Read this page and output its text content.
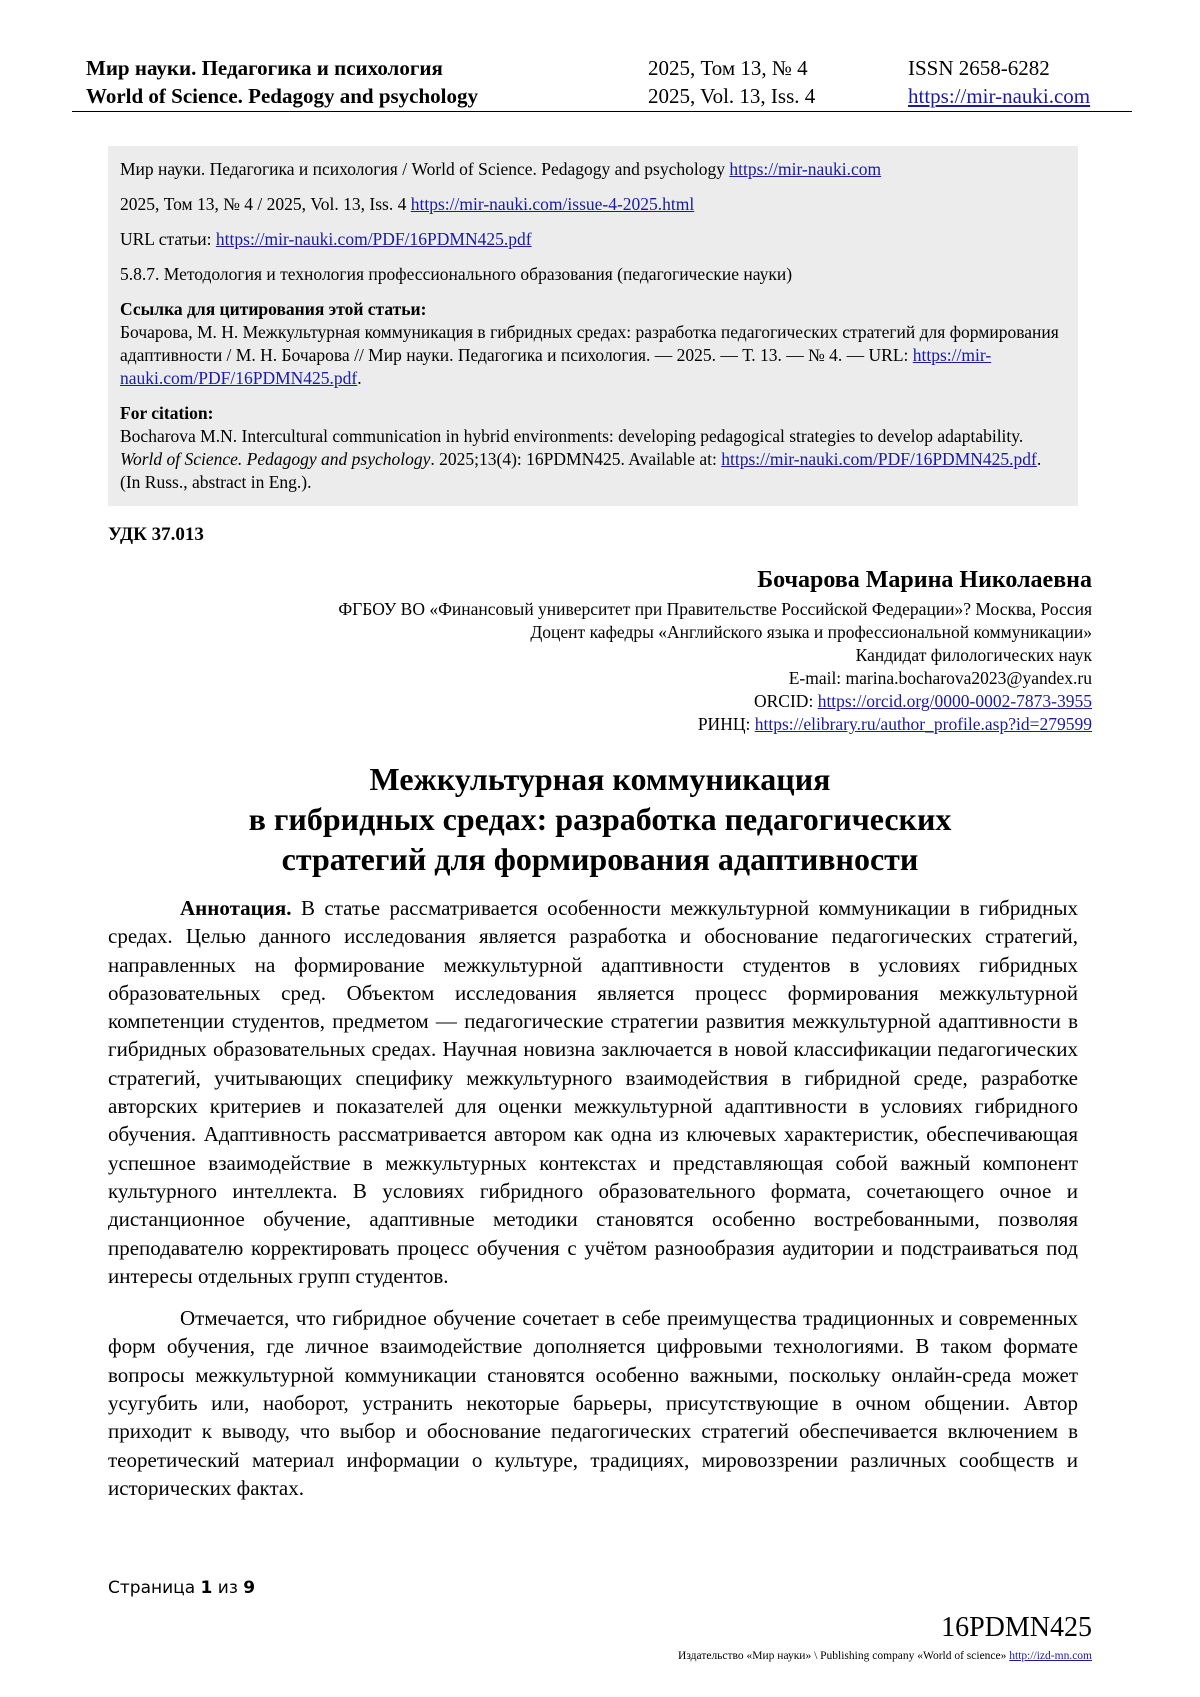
Мир науки. Педагогика и психология
World of Science. Pedagogy and psychology
2025, Том 13, № 4
2025, Vol. 13, Iss. 4
ISSN 2658-6282
https://mir-nauki.com

Мир науки. Педагогика и психология / World of Science. Pedagogy and psychology https://mir-nauki.com

2025, Том 13, № 4 / 2025, Vol. 13, Iss. 4 https://mir-nauki.com/issue-4-2025.html

URL статьи: https://mir-nauki.com/PDF/16PDMN425.pdf

5.8.7. Методология и технология профессионального образования (педагогические науки)

Ссылка для цитирования этой статьи:
Бочарова, М. Н. Межкультурная коммуникация в гибридных средах: разработка педагогических стратегий для формирования адаптивности / М. Н. Бочарова // Мир науки. Педагогика и психология. — 2025. — Т. 13. — № 4. — URL: https://mir-nauki.com/PDF/16PDMN425.pdf.

For citation:
Bocharova M.N. Intercultural communication in hybrid environments: developing pedagogical strategies to develop adaptability. World of Science. Pedagogy and psychology. 2025;13(4): 16PDMN425. Available at: https://mir-nauki.com/PDF/16PDMN425.pdf. (In Russ., abstract in Eng.).

УДК 37.013
Бочарова Марина Николаевна
ФГБОУ ВО «Финансовый университет при Правительстве Российской Федерации»? Москва, Россия
Доцент кафедры «Английского языка и профессиональной коммуникации»
Кандидат филологических наук
E-mail: marina.bocharova2023@yandex.ru
ORCID: https://orcid.org/0000-0002-7873-3955
РИНЦ: https://elibrary.ru/author_profile.asp?id=279599
Межкультурная коммуникация
в гибридных средах: разработка педагогических
стратегий для формирования адаптивности

Аннотация. В статье рассматривается особенности межкультурной коммуникации в гибридных средах. Целью данного исследования является разработка и обоснование педагогических стратегий, направленных на формирование межкультурной адаптивности студентов в условиях гибридных образовательных сред. Объектом исследования является процесс формирования межкультурной компетенции студентов, предметом — педагогические стратегии развития межкультурной адаптивности в гибридных образовательных средах. Научная новизна заключается в новой классификации педагогических стратегий, учитывающих специфику межкультурного взаимодействия в гибридной среде, разработке авторских критериев и показателей для оценки межкультурной адаптивности в условиях гибридного обучения. Адаптивность рассматривается автором как одна из ключевых характеристик, обеспечивающая успешное взаимодействие в межкультурных контекстах и представляющая собой важный компонент культурного интеллекта. В условиях гибридного образовательного формата, сочетающего очное и дистанционное обучение, адаптивные методики становятся особенно востребованными, позволяя преподавателю корректировать процесс обучения с учётом разнообразия аудитории и подстраиваться под интересы отдельных групп студентов.

Отмечается, что гибридное обучение сочетает в себе преимущества традиционных и современных форм обучения, где личное взаимодействие дополняется цифровыми технологиями. В таком формате вопросы межкультурной коммуникации становятся особенно важными, поскольку онлайн-среда может усугубить или, наоборот, устранить некоторые барьеры, присутствующие в очном общении. Автор приходит к выводу, что выбор и обоснование педагогических стратегий обеспечивается включением в теоретический материал информации о культуре, традициях, мировоззрении различных сообществ и исторических фактах.

Страница 1 из 9
16PDMN425
Издательство «Мир науки» \ Publishing company «World of science» http://izd-mn.com
